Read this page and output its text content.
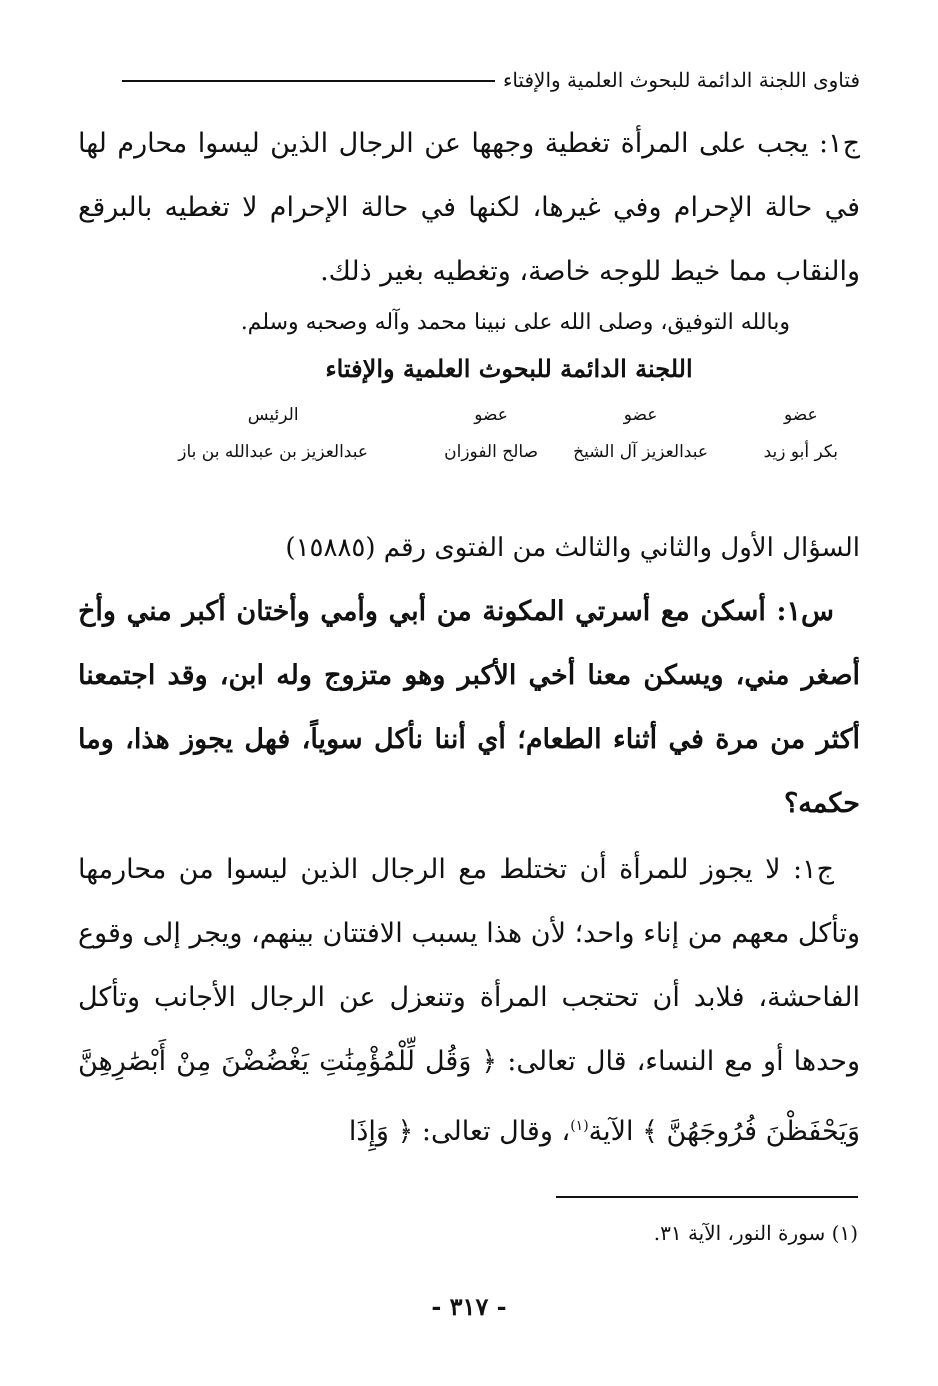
فتاوى اللجنة الدائمة للبحوث العلمية والإفتاء

ج١: يجب على المرأة تغطية وجهها عن الرجال الذين ليسوا محارم لها في حالة الإحرام وفي غيرها، لكنها في حالة الإحرام لا تغطيه بالبرقع والنقاب مما خيط للوجه خاصة، وتغطيه بغير ذلك.

وبالله التوفيق، وصلى الله على نبينا محمد وآله وصحبه وسلم.

اللجنة الدائمة للبحوث العلمية والإفتاء

عضو
بكر أبو زيد
عضو
عبدالعزيز آل الشيخ
عضو
صالح الفوزان
الرئيس
عبدالعزيز بن عبدالله بن باز

السؤال الأول والثاني والثالث من الفتوى رقم (١٥٨٨٥)

س١: أسكن مع أسرتي المكونة من أبي وأمي وأختان أكبر مني وأخ أصغر مني، ويسكن معنا أخي الأكبر وهو متزوج وله ابن، وقد اجتمعنا أكثر من مرة في أثناء الطعام؛ أي أننا نأكل سوياً، فهل يجوز هذا، وما حكمه؟

ج١: لا يجوز للمرأة أن تختلط مع الرجال الذين ليسوا من محارمها وتأكل معهم من إناء واحد؛ لأن هذا يسبب الافتتان بينهم، ويجر إلى وقوع الفاحشة، فلابد أن تحتجب المرأة وتنعزل عن الرجال الأجانب وتأكل وحدها أو مع النساء، قال تعالى: ﴿ وَقُل لِّلْمُؤْمِنَٰتِ يَغْضُضْنَ مِنْ أَبْصَٰرِهِنَّ وَيَحْفَظْنَ فُرُوجَهُنَّ ﴾ الآية$^{(١)}$، وقال تعالى: ﴿ وَإِذَا

(١) سورة النور، الآية ٣١.
- ٣١٧ -
